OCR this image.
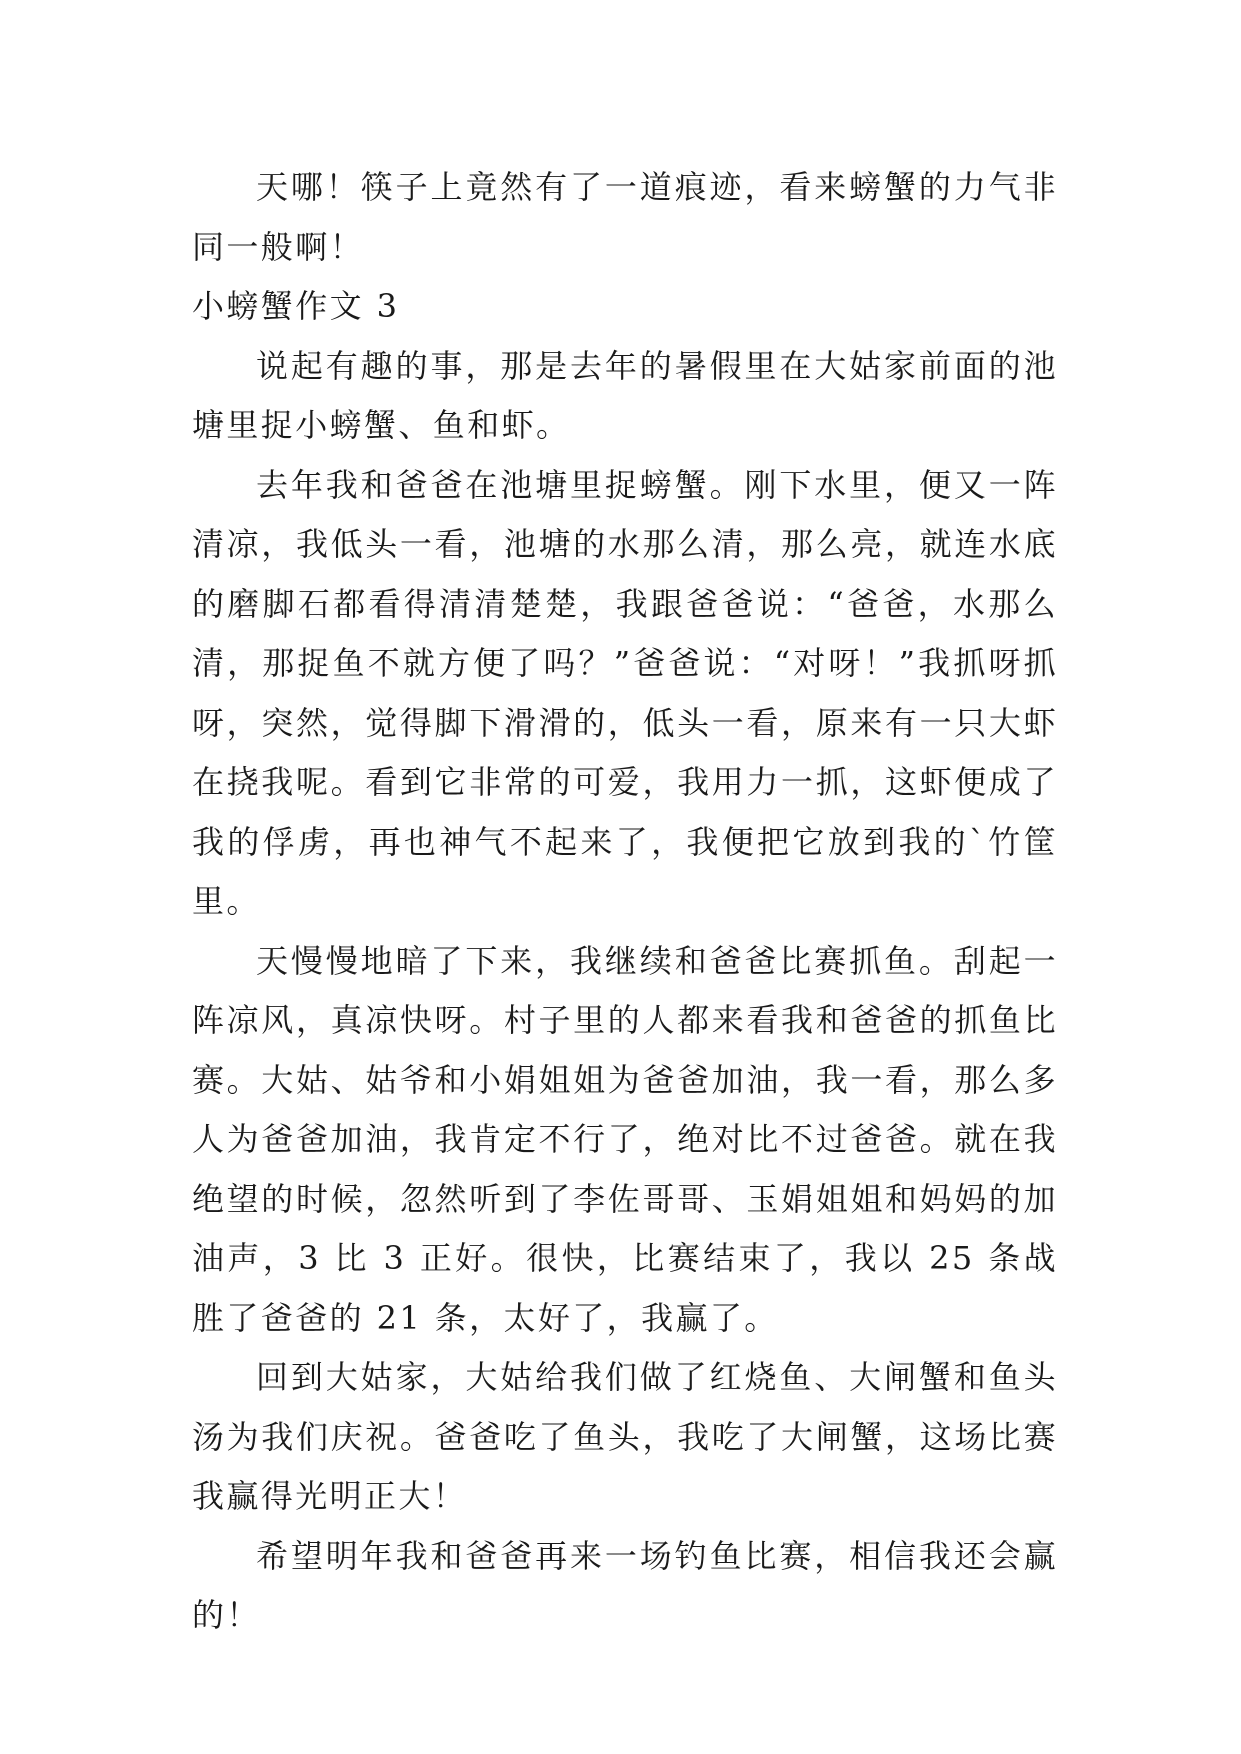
天哪！筷子上竟然有了一道痕迹，看来螃蟹的力气非同一般啊！

小螃蟹作文 3

说起有趣的事，那是去年的暑假里在大姑家前面的池塘里捉小螃蟹、鱼和虾。

去年我和爸爸在池塘里捉螃蟹。刚下水里，便又一阵清凉，我低头一看，池塘的水那么清，那么亮，就连水底的磨脚石都看得清清楚楚，我跟爸爸说：“爸爸，水那么清，那捉鱼不就方便了吗？”爸爸说：“对呀！”我抓呀抓呀，突然，觉得脚下滑滑的，低头一看，原来有一只大虾在挠我呢。看到它非常的可爱，我用力一抓，这虾便成了我的俘虏，再也神气不起来了，我便把它放到我的`竹筐里。

天慢慢地暗了下来，我继续和爸爸比赛抓鱼。刮起一阵凉风，真凉快呀。村子里的人都来看我和爸爸的抓鱼比赛。大姑、姑爷和小娟姐姐为爸爸加油，我一看，那么多人为爸爸加油，我肯定不行了，绝对比不过爸爸。就在我绝望的时候，忽然听到了李佐哥哥、玉娟姐姐和妈妈的加油声，3 比 3 正好。很快，比赛结束了，我以 25 条战胜了爸爸的 21 条，太好了，我赢了。

回到大姑家，大姑给我们做了红烧鱼、大闸蟹和鱼头汤为我们庆祝。爸爸吃了鱼头，我吃了大闸蟹，这场比赛我赢得光明正大！

希望明年我和爸爸再来一场钓鱼比赛，相信我还会赢的！
